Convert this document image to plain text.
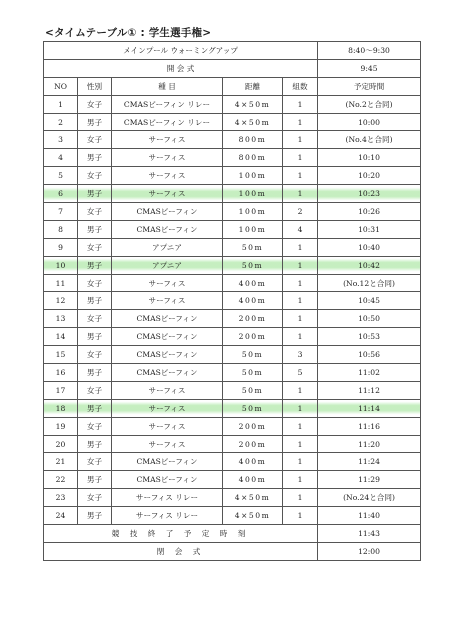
<タイムテーブル① : 学生選手権>
メインプール ウォーミングアップ					8:40〜9:30
開 会 式					9:45
NO	性別	種 目	距離	組数	予定時間
1	女子	CMASビーフィン リレー	4×50m	1	(No.2と合同)
2	男子	CMASビーフィン リレー	4×50m	1	10:00
3	女子	サーフィス	800m	1	(No.4と合同)
4	男子	サーフィス	800m	1	10:10
5	女子	サーフィス	100m	1	10:20
6	男子	サーフィス	100m	1	10:23
7	女子	CMASビーフィン	100m	2	10:26
8	男子	CMASビーフィン	100m	4	10:31
9	女子	アプニア	50m	1	10:40
10	男子	アプニア	50m	1	10:42
11	女子	サーフィス	400m	1	(No.12と合同)
12	男子	サーフィス	400m	1	10:45
13	女子	CMASビーフィン	200m	1	10:50
14	男子	CMASビーフィン	200m	1	10:53
15	女子	CMASビーフィン	50m	3	10:56
16	男子	CMASビーフィン	50m	5	11:02
17	女子	サーフィス	50m	1	11:12
18	男子	サーフィス	50m	1	11:14
19	女子	サーフィス	200m	1	11:16
20	男子	サーフィス	200m	1	11:20
21	女子	CMASビーフィン	400m	1	11:24
22	男子	CMASビーフィン	400m	1	11:29
23	女子	サーフィス リレー	4×50m	1	(No.24と合同)
24	男子	サーフィス リレー	4×50m	1	11:40
競 技 終 了 予 定 時 刻					11:43
閉 会 式					12:00
